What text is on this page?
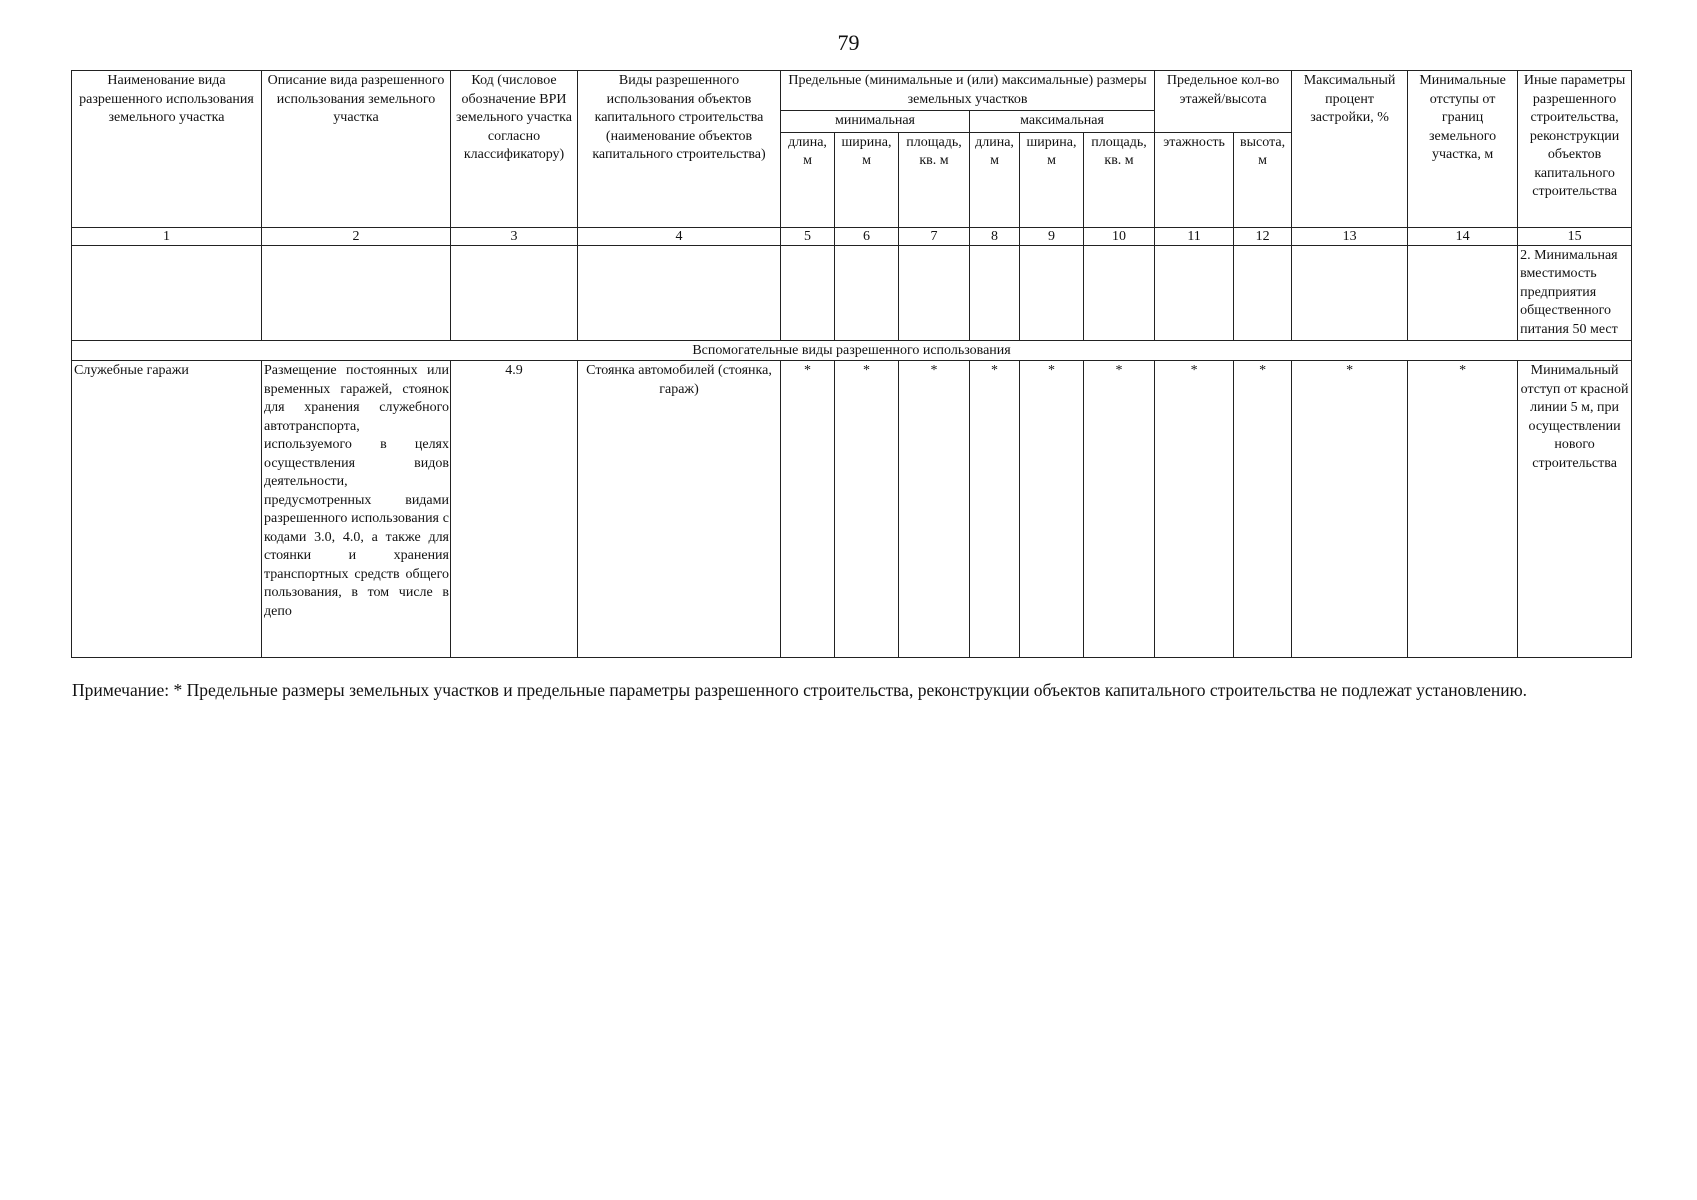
79
Наименование вида разрешенного использования земельного участка	Описание вида разрешенного использования земельного участка	Код (числовое обозначение ВРИ земельного участка согласно классификатору)	Виды разрешенного использования объектов капитального строительства (наименование объектов капитального строительства)	Предельные (минимальные и (или) максимальные) размеры земельных участков						Предельное кол-во этажей/высота		Максимальный процент застройки, %	Минимальные отступы от границ земельного участка, м	Иные параметры разрешенного строительства, реконструкции объектов капитального строительства
				минимальная			максимальная							
				длина, м	ширина, м	площадь, кв. м	длина, м	ширина, м	площадь, кв. м	этажность	высота, м			
1	2	3	4	5	6	7	8	9	10	11	12	13	14	15
														2. Минимальная вместимость предприятия общественного питания 50 мест
Вспомогательные виды разрешенного использования														
Служебные гаражи	Размещение постоянных или временных гаражей, стоянок для хранения служебного автотранспорта, используемого в целях осуществления видов деятельности, предусмотренных видами разрешенного использования с кодами 3.0, 4.0, а также для стоянки и хранения транспортных средств общего пользования, в том числе в депо	4.9	Стоянка автомобилей (стоянка, гараж)	*	*	*	*	*	*	*	*	*	*	Минимальный отступ от красной линии 5 м, при осуществлении нового строительства
Примечание: * Предельные размеры земельных участков и предельные параметры разрешенного строительства, реконструкции объектов капитального строительства не подлежат установлению.
